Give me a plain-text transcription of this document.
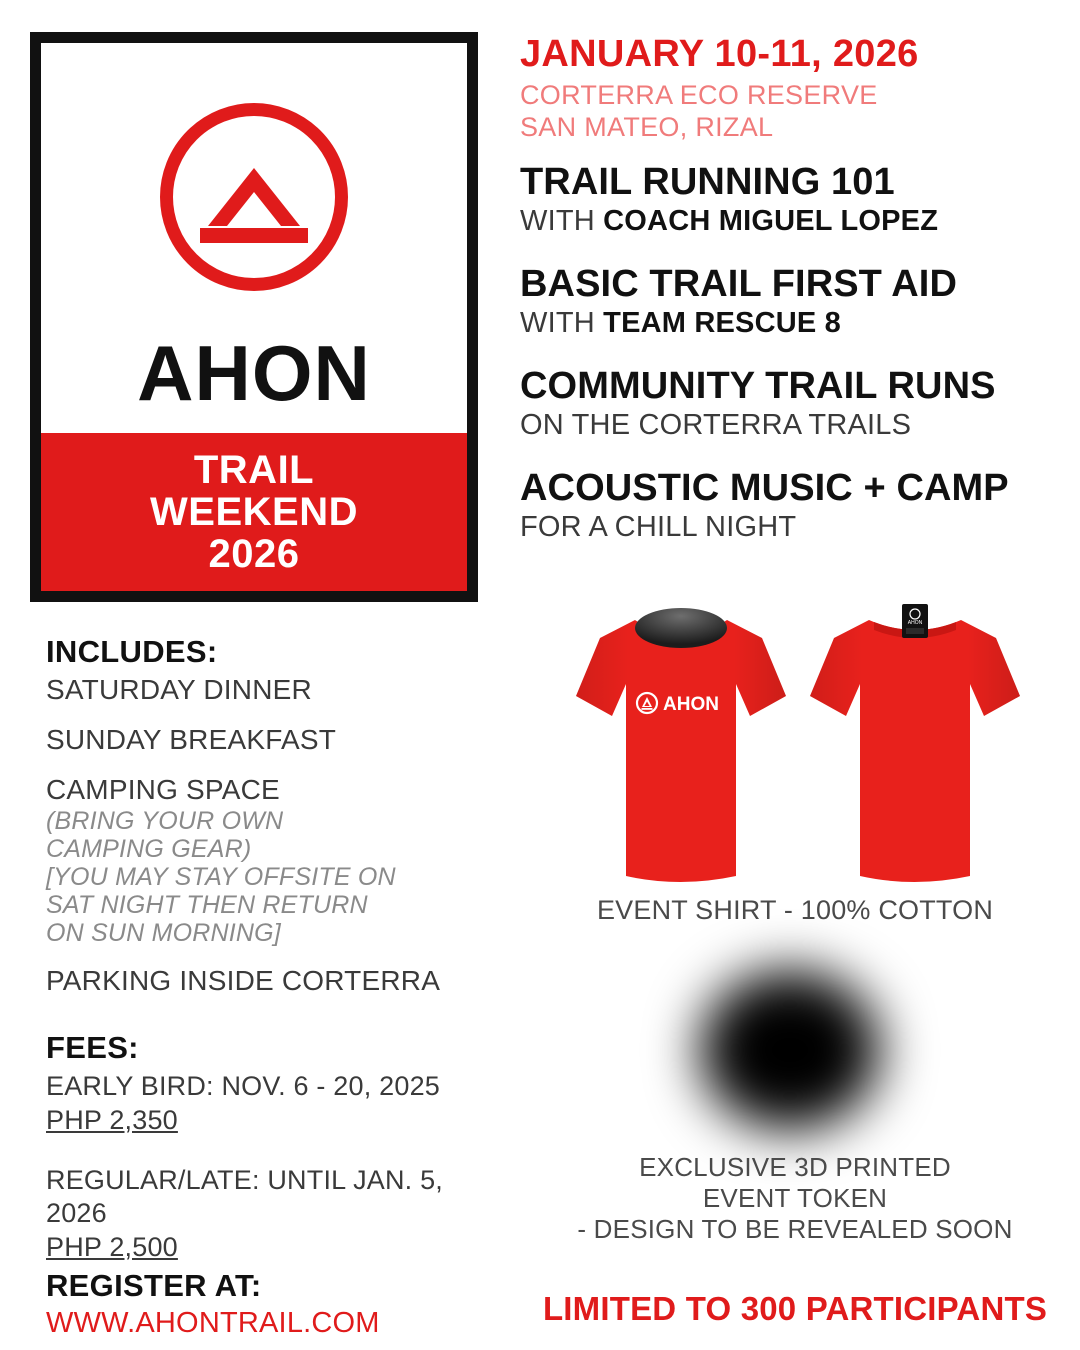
AHON
TRAIL
WEEKEND
2026
INCLUDES:
SATURDAY DINNER
SUNDAY BREAKFAST
CAMPING SPACE
(BRING YOUR OWN
CAMPING GEAR)
[YOU MAY STAY OFFSITE ON
SAT NIGHT THEN RETURN
ON SUN MORNING]
PARKING INSIDE CORTERRA
FEES:
EARLY BIRD: NOV. 6 - 20, 2025
PHP 2,350
REGULAR/LATE: UNTIL JAN. 5, 2026
PHP 2,500
REGISTER AT:
WWW.AHONTRAIL.COM
JANUARY 10-11, 2026
CORTERRA ECO RESERVE
SAN MATEO, RIZAL
TRAIL RUNNING 101
WITH COACH MIGUEL LOPEZ
BASIC TRAIL FIRST AID
WITH TEAM RESCUE 8
COMMUNITY TRAIL RUNS
ON THE CORTERRA TRAILS
ACOUSTIC MUSIC + CAMP
FOR A CHILL NIGHT
AHON
AHON
EVENT SHIRT - 100% COTTON
EXCLUSIVE 3D PRINTED
EVENT TOKEN
- DESIGN TO BE REVEALED SOON
LIMITED TO 300 PARTICIPANTS
